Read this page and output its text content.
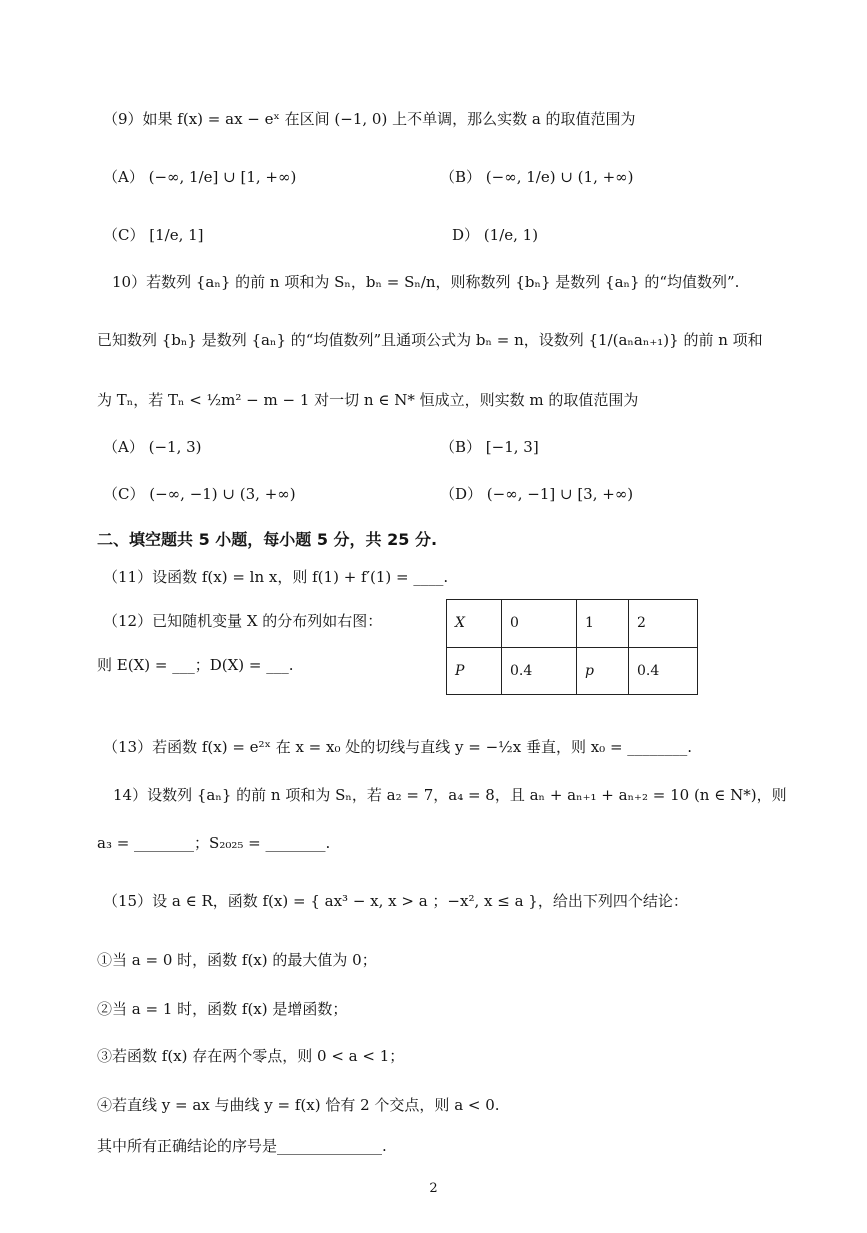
（9）如果 f(x) = ax − eˣ 在区间 (−1, 0) 上不单调，那么实数 a 的取值范围为
（A） (−∞, 1/e] ∪ [1, +∞)	（B） (−∞, 1/e) ∪ (1, +∞)
（C） [1/e, 1]	D） (1/e, 1)
10）若数列 {aₙ} 的前 n 项和为 Sₙ，bₙ = Sₙ/n，则称数列 {bₙ} 是数列 {aₙ} 的“均值数列”.
已知数列 {bₙ} 是数列 {aₙ} 的“均值数列”且通项公式为 bₙ = n，设数列 {1/(aₙaₙ₊₁)} 的前 n 项和
为 Tₙ，若 Tₙ < ½m² − m − 1 对一切 n ∈ N* 恒成立，则实数 m 的取值范围为
（A） (−1, 3)	（B） [−1, 3]
（C） (−∞, −1) ∪ (3, +∞)	（D） (−∞, −1] ∪ [3, +∞)
二、填空题共 5 小题，每小题 5 分，共 25 分.
（11）设函数 f(x) = ln x，则 f(1) + f′(1) = ____.
（12）已知随机变量 X 的分布列如右图：
则 E(X) = ___；D(X) = ___.
X	0	1	2
P	0.4	p	0.4
（13）若函数 f(x) = e²ˣ 在 x = x₀ 处的切线与直线 y = −½x 垂直，则 x₀ = ________.
14）设数列 {aₙ} 的前 n 项和为 Sₙ，若 a₂ = 7，a₄ = 8，且 aₙ + aₙ₊₁ + aₙ₊₂ = 10 (n ∈ N*)，则
a₃ = ________；S₂₀₂₅ = ________.
（15）设 a ∈ R，函数 f(x) = { ax³ − x, x > a ；−x², x ≤ a }，给出下列四个结论：
①当 a = 0 时，函数 f(x) 的最大值为 0；
②当 a = 1 时，函数 f(x) 是增函数；
③若函数 f(x) 存在两个零点，则 0 < a < 1；
④若直线 y = ax 与曲线 y = f(x) 恰有 2 个交点，则 a < 0.
其中所有正确结论的序号是______________.
2
